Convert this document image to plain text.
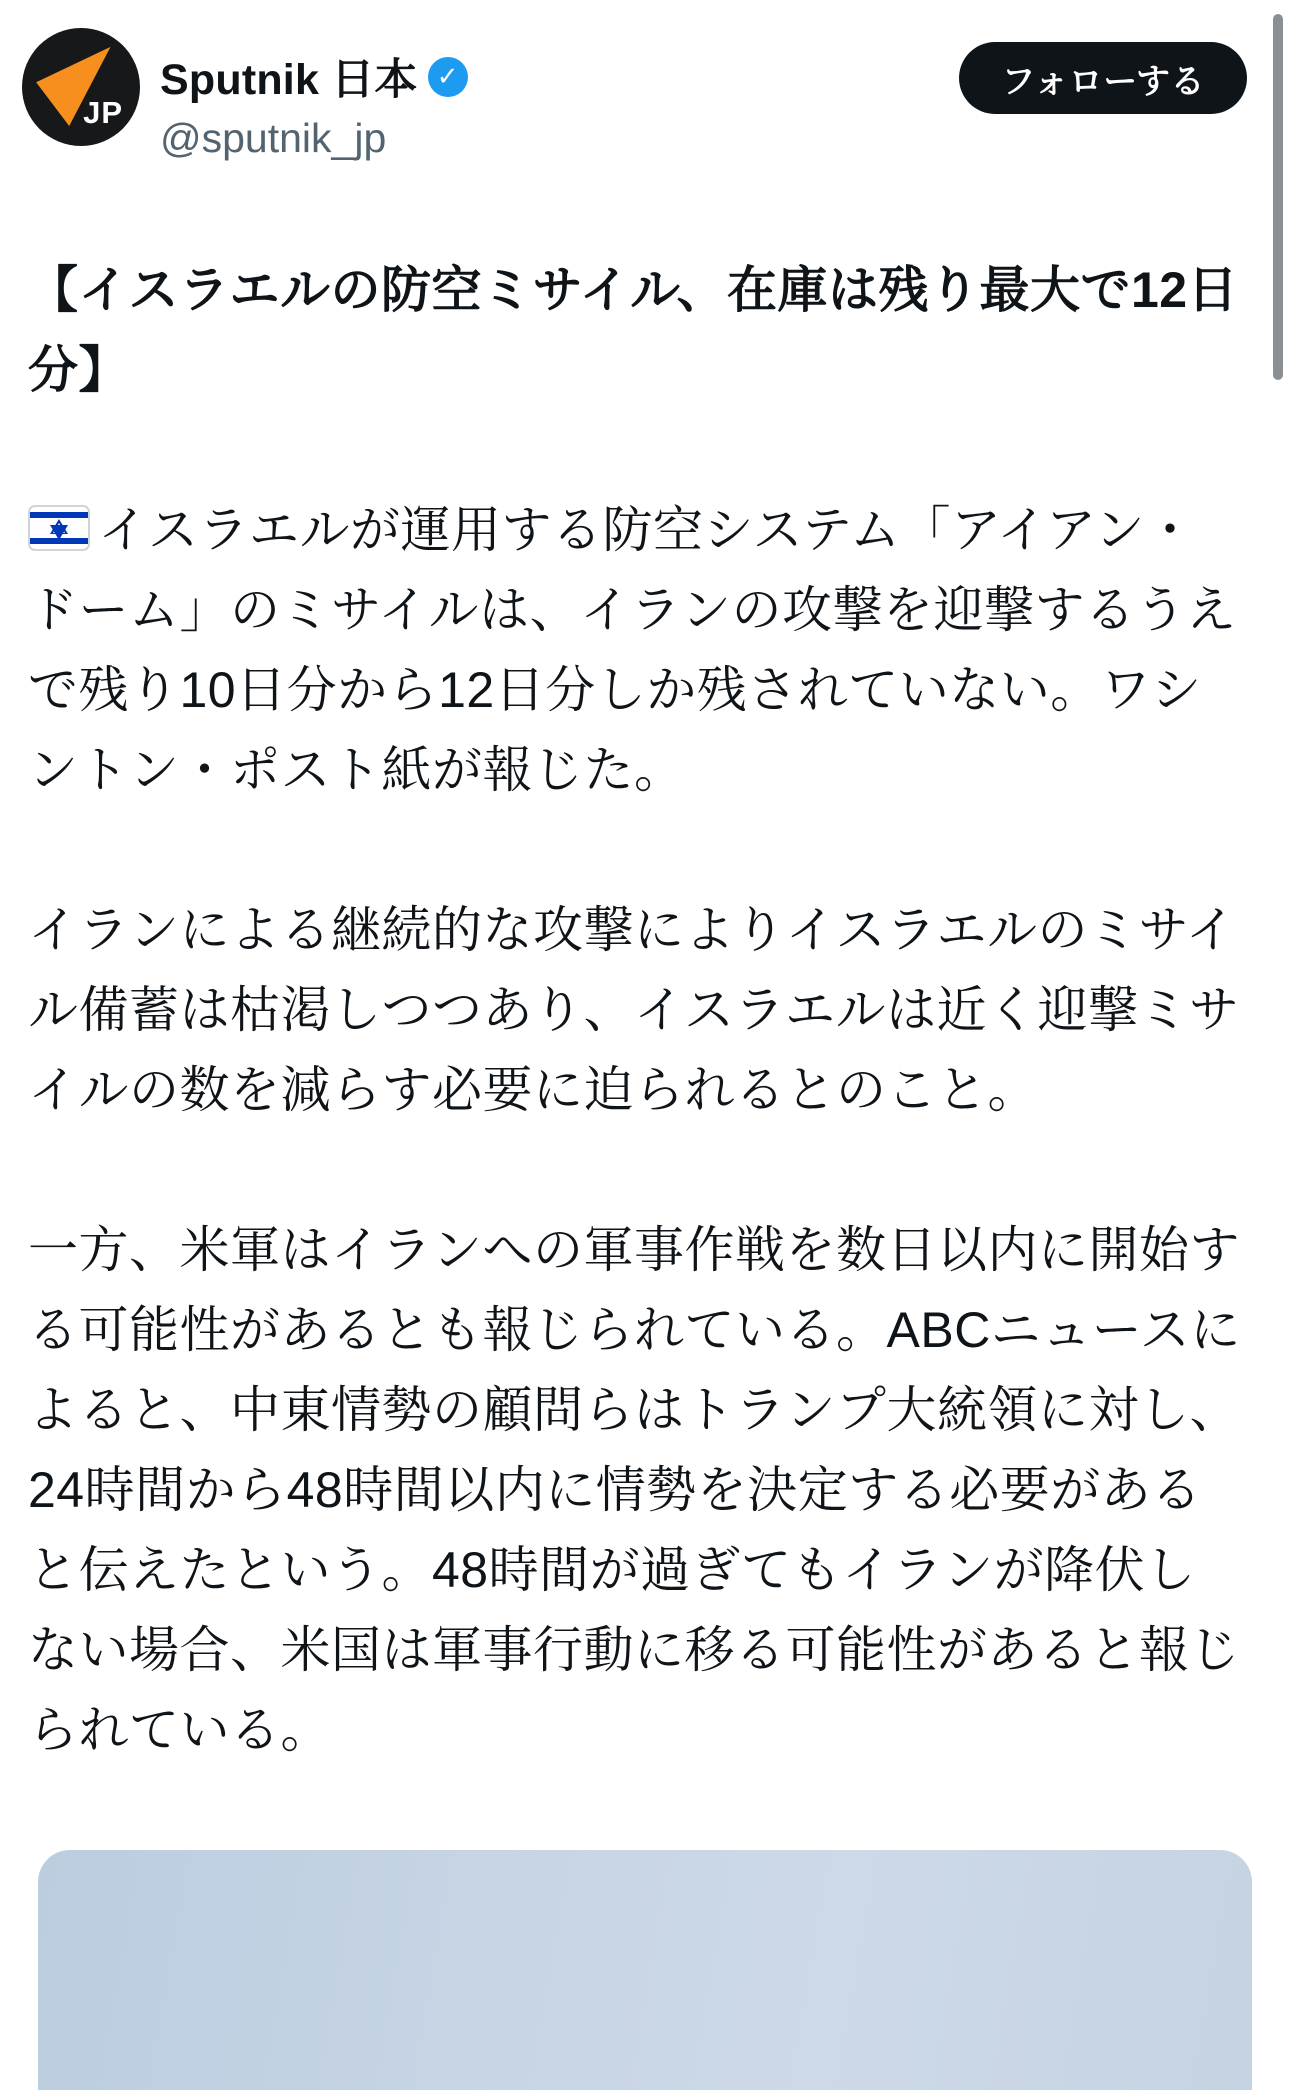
JP
Sputnik 日本 ✓
@sputnik_jp
フォローする

【イスラエルの防空ミサイル、在庫は残り最大で12日分】

イスラエルが運用する防空システム「アイアン・ドーム」のミサイルは、イランの攻撃を迎撃するうえで残り10日分から12日分しか残されていない。ワシントン・ポスト紙が報じた。

イランによる継続的な攻撃によりイスラエルのミサイル備蓄は枯渇しつつあり、イスラエルは近く迎撃ミサイルの数を減らす必要に迫られるとのこと。

一方、米軍はイランへの軍事作戦を数日以内に開始する可能性があるとも報じられている。ABCニュースによると、中東情勢の顧問らはトランプ大統領に対し、24時間から48時間以内に情勢を決定する必要があると伝えたという。48時間が過ぎてもイランが降伏しない場合、米国は軍事行動に移る可能性があると報じられている。
